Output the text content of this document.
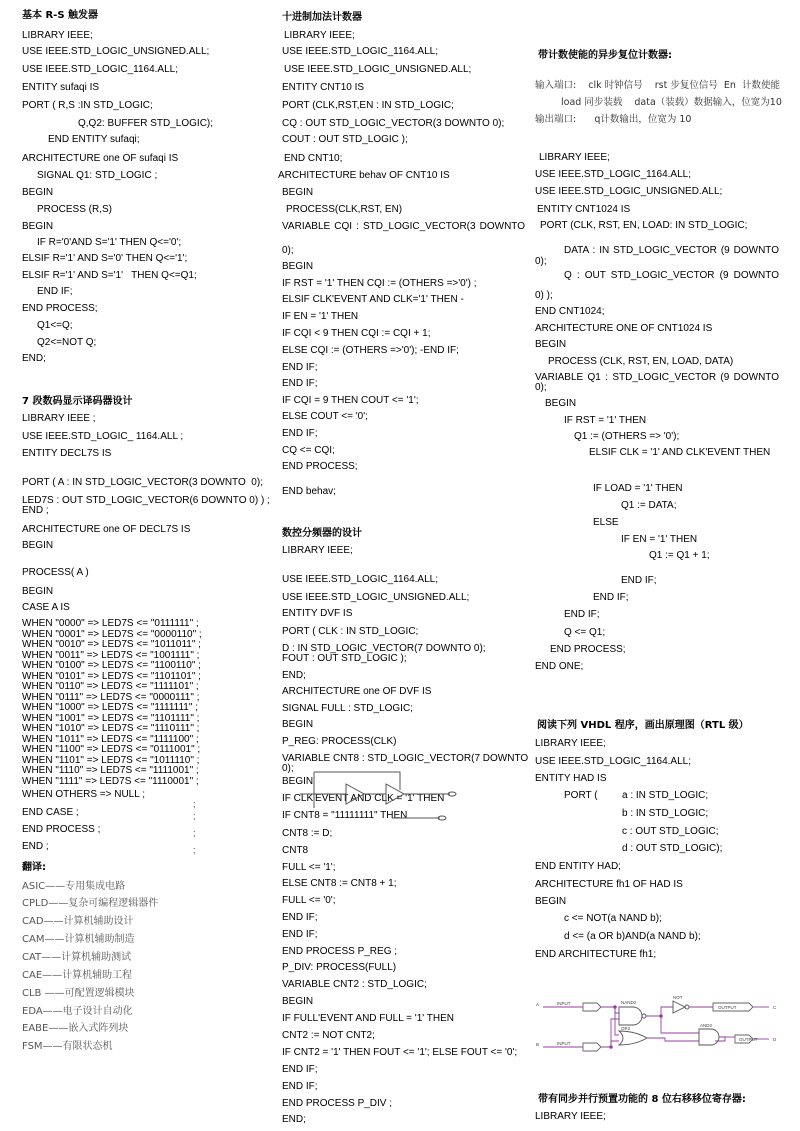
基本 R-S 触发器
LIBRARY IEEE;
USE IEEE.STD_LOGIC_UNSIGNED.ALL;
USE IEEE.STD_LOGIC_1164.ALL;
ENTITY sufaqi IS
PORT ( R,S :IN STD_LOGIC;
Q,Q2: BUFFER STD_LOGIC);
END ENTITY sufaqi;
ARCHITECTURE one OF sufaqi IS
SIGNAL Q1: STD_LOGIC ;
BEGIN
PROCESS (R,S)
BEGIN
IF R='0'AND S='1' THEN Q<='0';
ELSIF R='1' AND S='0' THEN Q<='1';
ELSIF R='1' AND S='1'   THEN Q<=Q1;
END IF;
END PROCESS;
Q1<=Q;
Q2<=NOT Q;
END;
7 段数码显示译码器设计
LIBRARY IEEE ;
USE IEEE.STD_LOGIC_ 1164.ALL ;
ENTITY DECL7S IS
PORT ( A : IN STD_LOGIC_VECTOR(3 DOWNTO  0);
LED7S : OUT STD_LOGIC_VECTOR(6 DOWNTO 0) ) ;
END ;
ARCHITECTURE one OF DECL7S IS
BEGIN
PROCESS( A )
BEGIN
CASE A IS
WHEN "0000" => LED7S <= "0111111" ;
WHEN "0001" => LED7S <= "0000110" ;
WHEN "0010" => LED7S <= "1011011" ;
WHEN "0011" => LED7S <= "1001111" ;
WHEN "0100" => LED7S <= "1100110" ;
WHEN "0101" => LED7S <= "1101101" ;
WHEN "0110" => LED7S <= "1111101" ;
WHEN "0111" => LED7S <= "0000111" ;
WHEN "1000" => LED7S <= "1111111" ;
WHEN "1001" => LED7S <= "1101111" ;
WHEN "1010" => LED7S <= "1110111" ;
WHEN "1011" => LED7S <= "1111100" ;
WHEN "1100" => LED7S <= "0111001" ;
WHEN "1101" => LED7S <= "1011110" ;
WHEN "1110" => LED7S <= "1111001" ;
WHEN "1111" => LED7S <= "1110001" ;
WHEN OTHERS => NULL ;
;
END CASE ;	;
END PROCESS ;	;
END ;	;
翻译:
ASIC——专用集成电路
CPLD——复杂可编程逻辑器件
CAD——计算机辅助设计
CAM——计算机辅助制造
CAT——计算机辅助测试
CAE——计算机辅助工程
CLB ——可配置逻辑模块
EDA——电子设计自动化
EABE——嵌入式阵列块
FSM——有限状态机
十进制加法计数器
LIBRARY IEEE;
USE IEEE.STD_LOGIC_1164.ALL;
USE IEEE.STD_LOGIC_UNSIGNED.ALL;
ENTITY CNT10 IS
PORT (CLK,RST,EN : IN STD_LOGIC;
CQ : OUT STD_LOGIC_VECTOR(3 DOWNTO 0);
COUT : OUT STD_LOGIC );
END CNT10;
ARCHITECTURE behav OF CNT10 IS
BEGIN
PROCESS(CLK,RST, EN)
VARIABLE CQI : STD_LOGIC_VECTOR(3 DOWNTO
0);
BEGIN
IF RST = '1' THEN CQI := (OTHERS =>'0') ;
ELSIF CLK'EVENT AND CLK='1' THEN -
IF EN = '1' THEN
IF CQI < 9 THEN CQI := CQI + 1;
ELSE CQI := (OTHERS =>'0'); -END IF;
END IF;
END IF;
IF CQI = 9 THEN COUT <= '1';
ELSE COUT <= '0';
END IF;
CQ <= CQI;
END PROCESS;
END behav;
数控分频器的设计
LIBRARY IEEE;
USE IEEE.STD_LOGIC_1164.ALL;
USE IEEE.STD_LOGIC_UNSIGNED.ALL;
ENTITY DVF IS
PORT ( CLK : IN STD_LOGIC;
D : IN STD_LOGIC_VECTOR(7 DOWNTO 0);
FOUT : OUT STD_LOGIC );
END;
ARCHITECTURE one OF DVF IS
SIGNAL FULL : STD_LOGIC;
BEGIN
P_REG: PROCESS(CLK)
VARIABLE CNT8 : STD_LOGIC_VECTOR(7 DOWNTO
0);
BEGIN
IF CLK'EVENT AND CLK = '1' THEN
IF CNT8 = "11111111" THEN
CNT8 := D;
CNT8
FULL <= '1';
ELSE CNT8 := CNT8 + 1;
FULL <= '0';
END IF;
END IF;
END PROCESS P_REG ;
P_DIV: PROCESS(FULL)
VARIABLE CNT2 : STD_LOGIC;
BEGIN
IF FULL'EVENT AND FULL = '1' THEN
CNT2 := NOT CNT2;
IF CNT2 = '1' THEN FOUT <= '1'; ELSE FOUT <= '0';
END IF;
END IF;
END PROCESS P_DIV ;
END;
带计数使能的异步复位计数器:
输入端口:    clk 时钟信号    rst 步复位信号  En  计数使能
load 同步装载    data（装载）数据输入，位宽为10
输出端口:      q计数输出，位宽为 10
LIBRARY IEEE;
USE IEEE.STD_LOGIC_1164.ALL;
USE IEEE.STD_LOGIC_UNSIGNED.ALL;
ENTITY CNT1024 IS
PORT (CLK, RST, EN, LOAD: IN STD_LOGIC;
DATA : IN STD_LOGIC_VECTOR (9 DOWNTO
0);
Q : OUT STD_LOGIC_VECTOR (9 DOWNTO
0) );
END CNT1024;
ARCHITECTURE ONE OF CNT1024 IS
BEGIN
PROCESS (CLK, RST, EN, LOAD, DATA)
VARIABLE Q1 : STD_LOGIC_VECTOR (9 DOWNTO
0);
BEGIN
IF RST = '1' THEN
Q1 := (OTHERS => '0');
ELSIF CLK = '1' AND CLK'EVENT THEN
IF LOAD = '1' THEN
Q1 := DATA;
ELSE
IF EN = '1' THEN
Q1 := Q1 + 1;
END IF;
END IF;
END IF;
Q <= Q1;
END PROCESS;
END ONE;
阅读下列 VHDL 程序，画出原理图（RTL 级）
LIBRARY IEEE;
USE IEEE.STD_LOGIC_1164.ALL;
ENTITY HAD IS
PORT ( a : IN STD_LOGIC;
b : IN STD_LOGIC;
c : OUT STD_LOGIC;
d : OUT STD_LOGIC);
END ENTITY HAD;
ARCHITECTURE fh1 OF HAD IS
BEGIN
c <= NOT(a NAND b);
d <= (a OR b)AND(a NAND b);
END ARCHITECTURE fh1;
带有同步并行预置功能的 8 位右移移位寄存器:
LIBRARY IEEE;
A
B
INPUT
INPUT
NAND2
OR2
NOT
AND2
OUTPUT
OUTPUT
C
D
